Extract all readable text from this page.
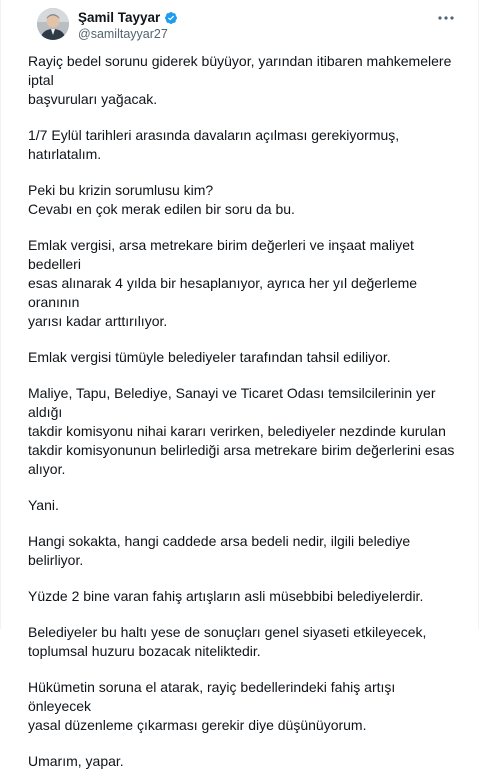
Şamil Tayyar
@samiltayyar27

Rayiç bedel sorunu giderek büyüyor, yarından itibaren mahkemelere iptal
başvuruları yağacak.

1/7 Eylül tarihleri arasında davaların açılması gerekiyormuş, hatırlatalım.

Peki bu krizin sorumlusu kim?
Cevabı en çok merak edilen bir soru da bu.

Emlak vergisi, arsa metrekare birim değerleri ve inşaat maliyet bedelleri
esas alınarak 4 yılda bir hesaplanıyor, ayrıca her yıl değerleme oranının
yarısı kadar arttırılıyor.

Emlak vergisi tümüyle belediyeler tarafından tahsil ediliyor.

Maliye, Tapu, Belediye, Sanayi ve Ticaret Odası temsilcilerinin yer aldığı
takdir komisyonu nihai kararı verirken, belediyeler nezdinde kurulan
takdir komisyonunun belirlediği arsa metrekare birim değerlerini esas
alıyor.

Yani.

Hangi sokakta, hangi caddede arsa bedeli nedir, ilgili belediye belirliyor.

Yüzde 2 bine varan fahiş artışların asli müsebbibi belediyelerdir.

Belediyeler bu haltı yese de sonuçları genel siyaseti etkileyecek,
toplumsal huzuru bozacak niteliktedir.

Hükümetin soruna el atarak, rayiç bedellerindeki fahiş artışı önleyecek
yasal düzenleme çıkarması gerekir diye düşünüyorum.

Umarım, yapar.
